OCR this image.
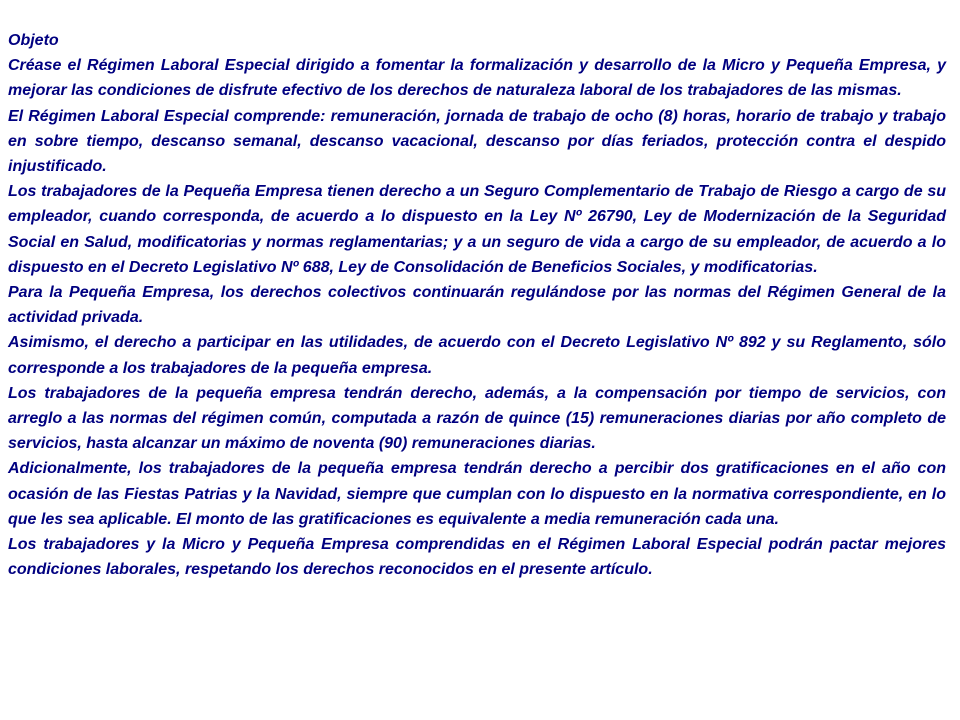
Objeto

Créase el Régimen Laboral Especial dirigido a fomentar la formalización y desarrollo de la Micro y Pequeña Empresa, y mejorar las condiciones de disfrute efectivo de los derechos de naturaleza laboral de los trabajadores de las mismas.

El Régimen Laboral Especial comprende: remuneración, jornada de trabajo de ocho (8) horas, horario de trabajo y trabajo en sobre tiempo, descanso semanal, descanso vacacional, descanso por días feriados, protección contra el despido injustificado.

Los trabajadores de la Pequeña Empresa tienen derecho a un Seguro Complementario de Trabajo de Riesgo a cargo de su empleador, cuando corresponda, de acuerdo a lo dispuesto en la Ley Nº 26790, Ley de Modernización de la Seguridad Social en Salud, modificatorias y normas reglamentarias; y a un seguro de vida a cargo de su empleador, de acuerdo a lo dispuesto en el Decreto Legislativo Nº 688, Ley de Consolidación de Beneficios Sociales, y modificatorias.

Para la Pequeña Empresa, los derechos colectivos continuarán regulándose por las normas del Régimen General de la actividad privada.

Asimismo, el derecho a participar en las utilidades, de acuerdo con el Decreto Legislativo Nº 892 y su Reglamento, sólo corresponde a los trabajadores de la pequeña empresa.

Los trabajadores de la pequeña empresa tendrán derecho, además, a la compensación por tiempo de servicios, con arreglo a las normas del régimen común, computada a razón de quince (15) remuneraciones diarias por año completo de servicios, hasta alcanzar un máximo de noventa (90) remuneraciones diarias.

Adicionalmente, los trabajadores de la pequeña empresa tendrán derecho a percibir dos gratificaciones en el año con ocasión de las Fiestas Patrias y la Navidad, siempre que cumplan con lo dispuesto en la normativa correspondiente, en lo que les sea aplicable. El monto de las gratificaciones es equivalente a media remuneración cada una.

Los trabajadores y la Micro y Pequeña Empresa comprendidas en el Régimen Laboral Especial podrán pactar mejores condiciones laborales, respetando los derechos reconocidos en el presente artículo.
